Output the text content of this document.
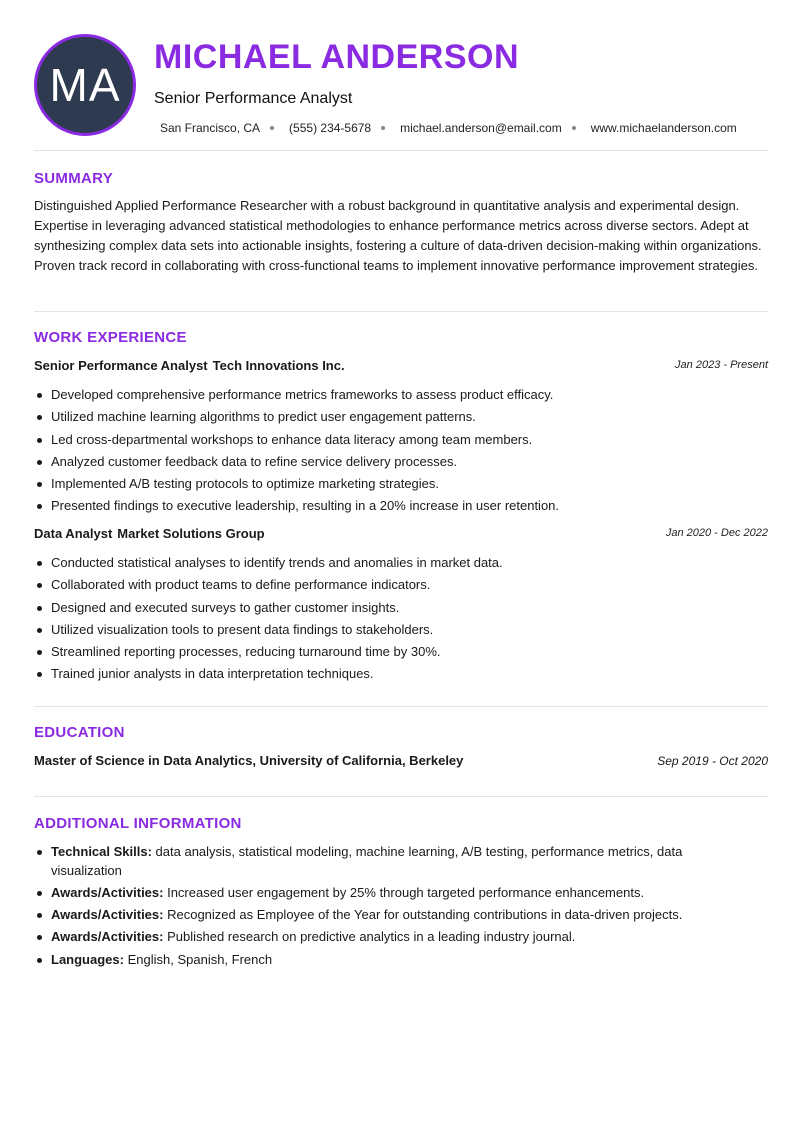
MA
MICHAEL ANDERSON
Senior Performance Analyst
San Francisco, CA (555) 234-5678 michael.anderson@email.com www.michaelanderson.com
SUMMARY

Distinguished Applied Performance Researcher with a robust background in quantitative analysis and experimental design. Expertise in leveraging advanced statistical methodologies to enhance performance metrics across diverse sectors. Adept at synthesizing complex data sets into actionable insights, fostering a culture of data-driven decision-making within organizations. Proven track record in collaborating with cross-functional teams to implement innovative performance improvement strategies.

WORK EXPERIENCE
Senior Performance Analyst Tech Innovations Inc.	Jan 2023 - Present
Developed comprehensive performance metrics frameworks to assess product efficacy.
Utilized machine learning algorithms to predict user engagement patterns.
Led cross-departmental workshops to enhance data literacy among team members.
Analyzed customer feedback data to refine service delivery processes.
Implemented A/B testing protocols to optimize marketing strategies.
Presented findings to executive leadership, resulting in a 20% increase in user retention.
Data Analyst Market Solutions Group	Jan 2020 - Dec 2022
Conducted statistical analyses to identify trends and anomalies in market data.
Collaborated with product teams to define performance indicators.
Designed and executed surveys to gather customer insights.
Utilized visualization tools to present data findings to stakeholders.
Streamlined reporting processes, reducing turnaround time by 30%.
Trained junior analysts in data interpretation techniques.
EDUCATION
Master of Science in Data Analytics, University of California, Berkeley	Sep 2019 - Oct 2020
ADDITIONAL INFORMATION
Technical Skills: data analysis, statistical modeling, machine learning, A/B testing, performance metrics, data visualization
Awards/Activities: Increased user engagement by 25% through targeted performance enhancements.
Awards/Activities: Recognized as Employee of the Year for outstanding contributions in data-driven projects.
Awards/Activities: Published research on predictive analytics in a leading industry journal.
Languages: English, Spanish, French
